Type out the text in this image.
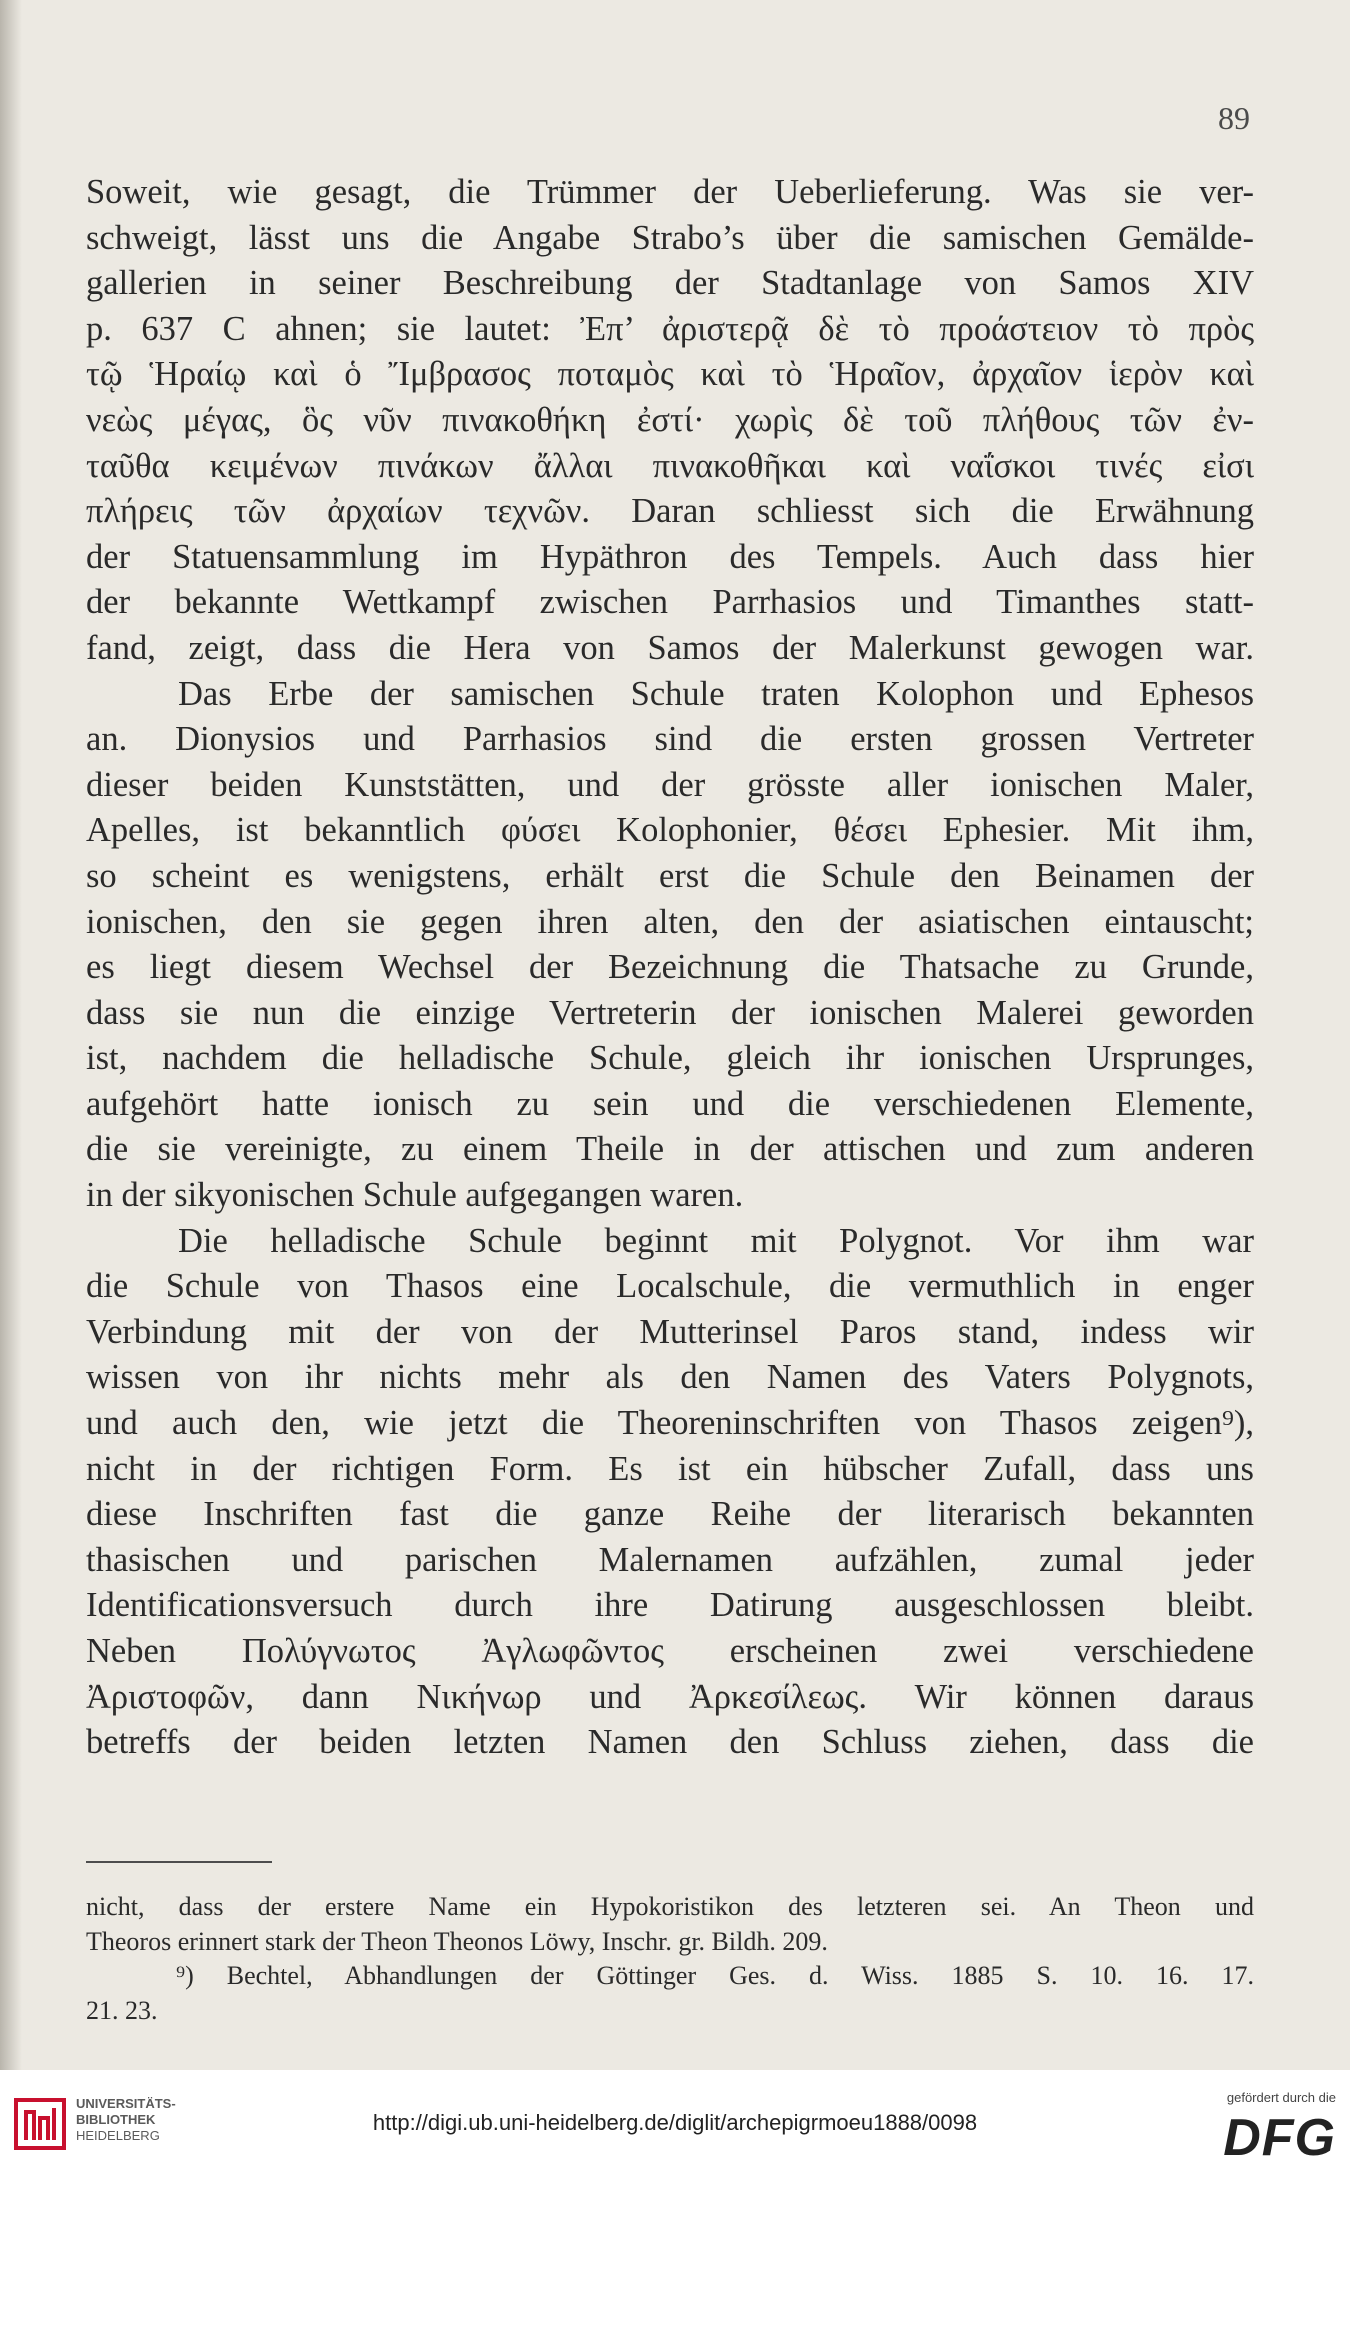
89
Soweit, wie gesagt, die Trümmer der Ueberlieferung. Was sie ver-
schweigt, lässt uns die Angabe Strabo’s über die samischen Gemälde-
gallerien in seiner Beschreibung der Stadtanlage von Samos XIV
p. 637 C ahnen; sie lautet: Ἐπ’ ἀριστερᾷ δὲ τὸ προάστειον τὸ πρὸς
τῷ Ἡραίῳ καὶ ὁ Ἴμβρασος ποταμὸς καὶ τὸ Ἡραῖον, ἀρχαῖον ἱερὸν καὶ
νεὼς μέγας, ὃς νῦν πινακοθήκη ἐστί· χωρὶς δὲ τοῦ πλήθους τῶν ἐν-
ταῦθα κειμένων πινάκων ἄλλαι πινακοθῆκαι καὶ ναΐσκοι τινές εἰσι
πλήρεις τῶν ἀρχαίων τεχνῶν. Daran schliesst sich die Erwähnung
der Statuensammlung im Hypäthron des Tempels. Auch dass hier
der bekannte Wettkampf zwischen Parrhasios und Timanthes statt-
fand, zeigt, dass die Hera von Samos der Malerkunst gewogen war.
Das Erbe der samischen Schule traten Kolophon und Ephesos
an. Dionysios und Parrhasios sind die ersten grossen Vertreter
dieser beiden Kunststätten, und der grösste aller ionischen Maler,
Apelles, ist bekanntlich φύσει Kolophonier, θέσει Ephesier. Mit ihm,
so scheint es wenigstens, erhält erst die Schule den Beinamen der
ionischen, den sie gegen ihren alten, den der asiatischen eintauscht;
es liegt diesem Wechsel der Bezeichnung die Thatsache zu Grunde,
dass sie nun die einzige Vertreterin der ionischen Malerei geworden
ist, nachdem die helladische Schule, gleich ihr ionischen Ursprunges,
aufgehört hatte ionisch zu sein und die verschiedenen Elemente,
die sie vereinigte, zu einem Theile in der attischen und zum anderen
in der sikyonischen Schule aufgegangen waren.
Die helladische Schule beginnt mit Polygnot. Vor ihm war
die Schule von Thasos eine Localschule, die vermuthlich in enger
Verbindung mit der von der Mutterinsel Paros stand, indess wir
wissen von ihr nichts mehr als den Namen des Vaters Polygnots,
und auch den, wie jetzt die Theoreninschriften von Thasos zeigen⁹),
nicht in der richtigen Form. Es ist ein hübscher Zufall, dass uns
diese Inschriften fast die ganze Reihe der literarisch bekannten
thasischen und parischen Malernamen aufzählen, zumal jeder
Identificationsversuch durch ihre Datirung ausgeschlossen bleibt.
Neben Πολύγνωτος Ἀγλωφῶντος erscheinen zwei verschiedene
Ἀριστοφῶν, dann Νικήνωρ und Ἀρκεσίλεως. Wir können daraus
betreffs der beiden letzten Namen den Schluss ziehen, dass die
nicht, dass der erstere Name ein Hypokoristikon des letzteren sei. An Theon und
Theoros erinnert stark der Theon Theonos Löwy, Inschr. gr. Bildh. 209.
⁹) Bechtel, Abhandlungen der Göttinger Ges. d. Wiss. 1885 S. 10. 16. 17.
21. 23.
UNIVERSITÄTS-
BIBLIOTHEK
HEIDELBERG
http://digi.ub.uni-heidelberg.de/diglit/archepigrmoeu1888/0098
gefördert durch die
DFG
